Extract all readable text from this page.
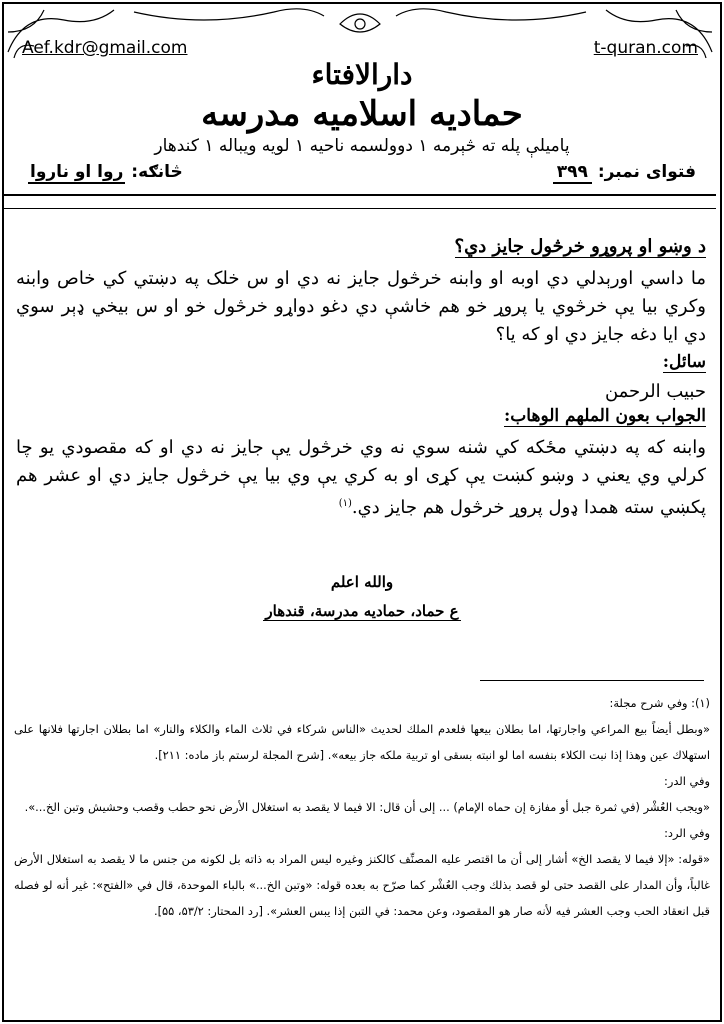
Aef.kdr@gmail.com	t-quran.com
دارالافتاء
حمادیه اسلامیه مدرسه
پاميلې پله ته څېرمه ۱ دوولسمه ناحيه ۱ لويه ويباله ۱ کندهار
فتواى نمبر: ۳۹۹
څانګه: روا او ناروا
د وښو او پروړو خرڅول جايز دي؟
ما داسي اورېدلي دي اوبه او وابنه خرڅول جايز نه دي او س خلک په دښتي کي خاص وابنه وکري بيا يې خرڅوي يا پروړ خو هم خاشې دي دغو دواړو خرڅول خو او س بيخي ډېر سوي دي ايا دغه جايز دي او که يا؟
سائل:
حبيب الرحمن
الجواب بعون الملهم الوهاب:
وابنه که په دښتي مځکه کي شنه سوي نه وي خرڅول يې جايز نه دي او که مقصودي يو چا کرلي وي يعني د وښو کښت يې کړى او به کري يې وي بيا يې خرڅول جايز دي او عشر هم پکښي سته همدا ډول پروړ خرڅول هم جايز دي.$^{(۱)}$
والله اعلم
ع حماد، حماديه مدرسة، قندهار

(۱): وفي شرح مجلة:

«وبطل أيضاً بيع المراعي واجارتها، اما بطلان بيعها فلعدم الملك لحديث «الناس شركاء في ثلاث الماء والكلاء والنار» اما بطلان اجارتها فلانها على استهلاك عين وهذا إذا نبت الكلاء بنفسه اما لو انبته بسقى او تربية ملكه جاز بيعه». [شرح المجلة لرستم باز ماده: ۲۱۱].

وفي الدر:

«ويجب العُشْر (في ثمرة جبل أو مفازة إن حماه الإمام) ... إلى أن قال: الا فيما لا يقصد به استغلال الأرض نحو حطب وقصب وحشيش وتبن الخ...».

وفي الرد:

«قوله: «إلا فيما لا يقصد الخ» أشار إلى أن ما اقتصر عليه المصنِّف كالكنز وغيره ليس المراد به ذاته بل لكونه من جنس ما لا يقصد به استغلال الأرض غالباً، وأن المدار على القصد حتى لو قصد بذلك وجب العُشْر كما صرّح به بعده قوله: «وتبن الخ...» بالباء الموحدة، قال في «الفتح»: غير أنه لو فصله قبل انعقاد الحب وجب العشر فيه لأنه صار هو المقصود، وعن محمد: في التبن إذا يبس العشر». [رد المحتار: ۵۳/۲، ۵۵].
